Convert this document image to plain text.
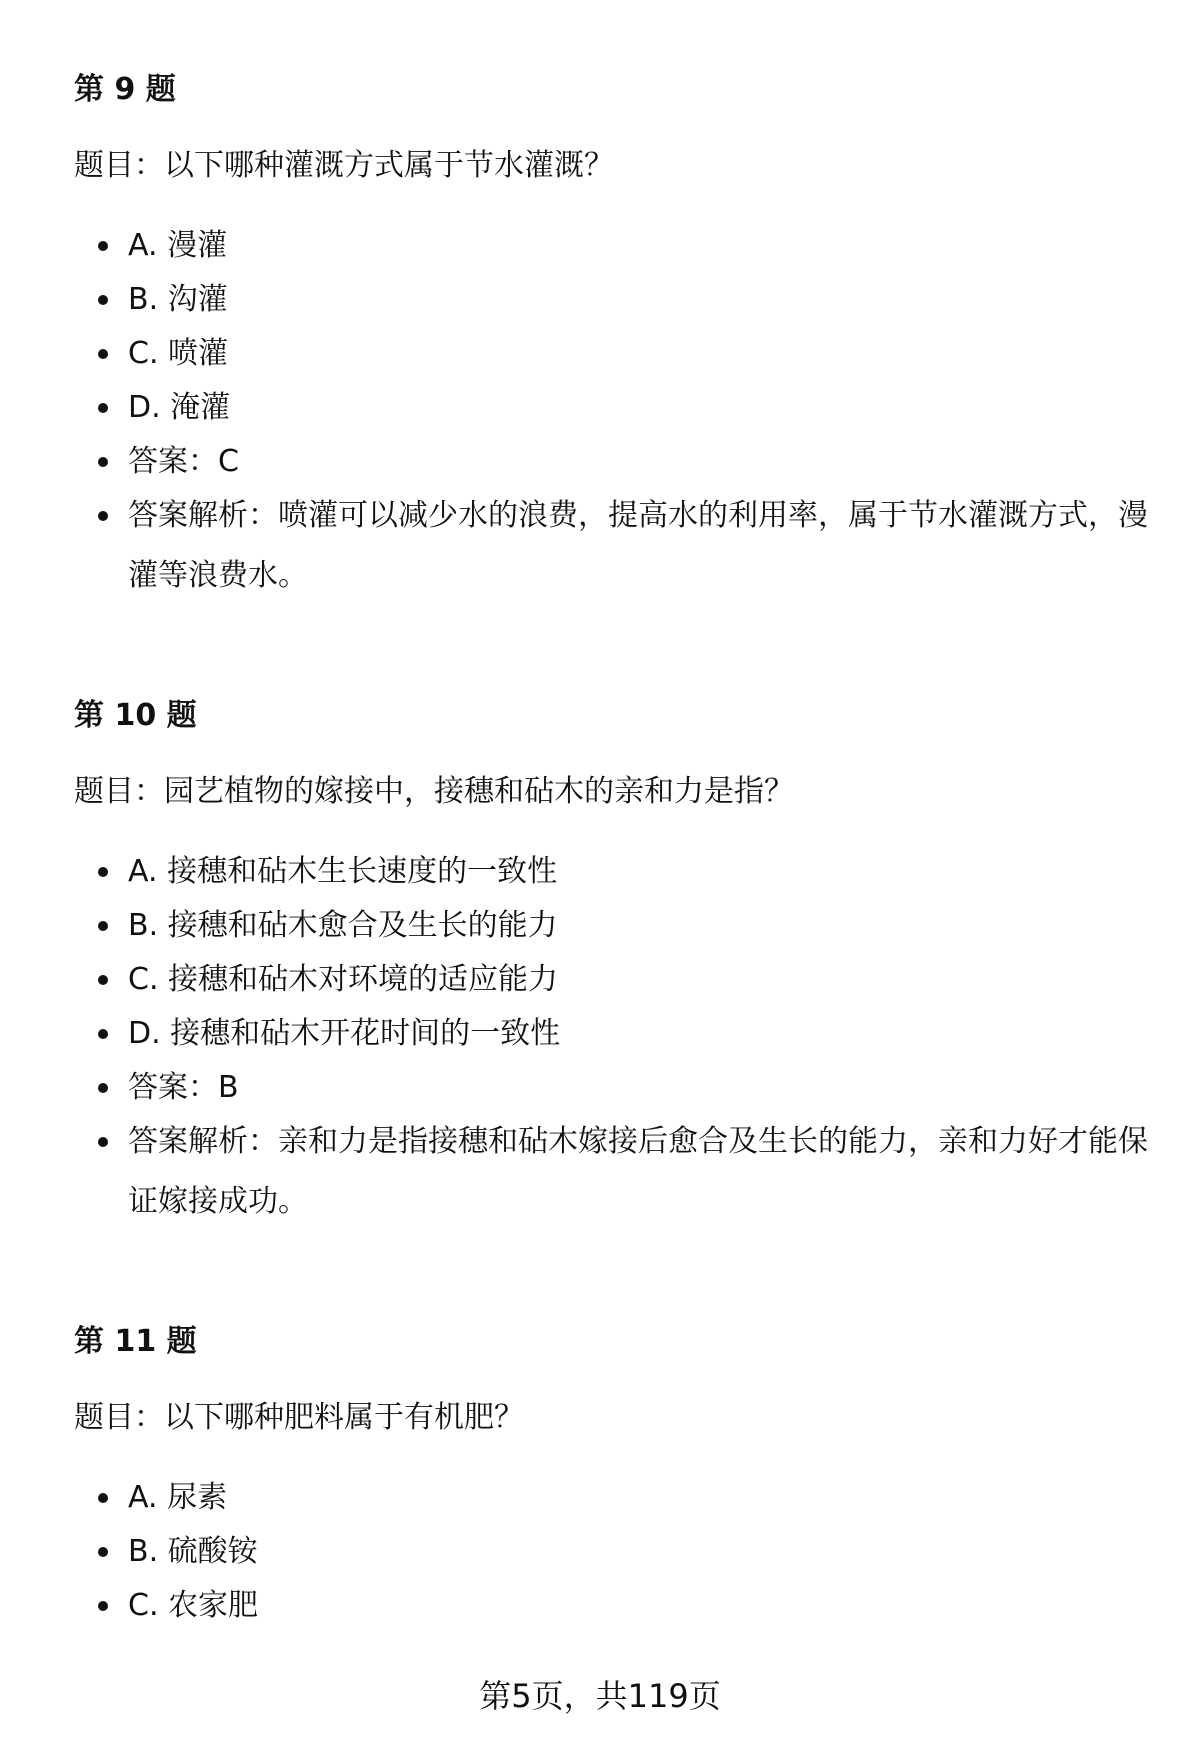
第 9 题
题目：以下哪种灌溉方式属于节水灌溉？
A. 漫灌
B. 沟灌
C. 喷灌
D. 淹灌
答案：C
答案解析：喷灌可以减少水的浪费，提高水的利用率，属于节水灌溉方式，漫灌等浪费水。
第 10 题
题目：园艺植物的嫁接中，接穗和砧木的亲和力是指？
A. 接穗和砧木生长速度的一致性
B. 接穗和砧木愈合及生长的能力
C. 接穗和砧木对环境的适应能力
D. 接穗和砧木开花时间的一致性
答案：B
答案解析：亲和力是指接穗和砧木嫁接后愈合及生长的能力，亲和力好才能保证嫁接成功。
第 11 题
题目：以下哪种肥料属于有机肥？
A. 尿素
B. 硫酸铵
C. 农家肥
第5页，共119页
